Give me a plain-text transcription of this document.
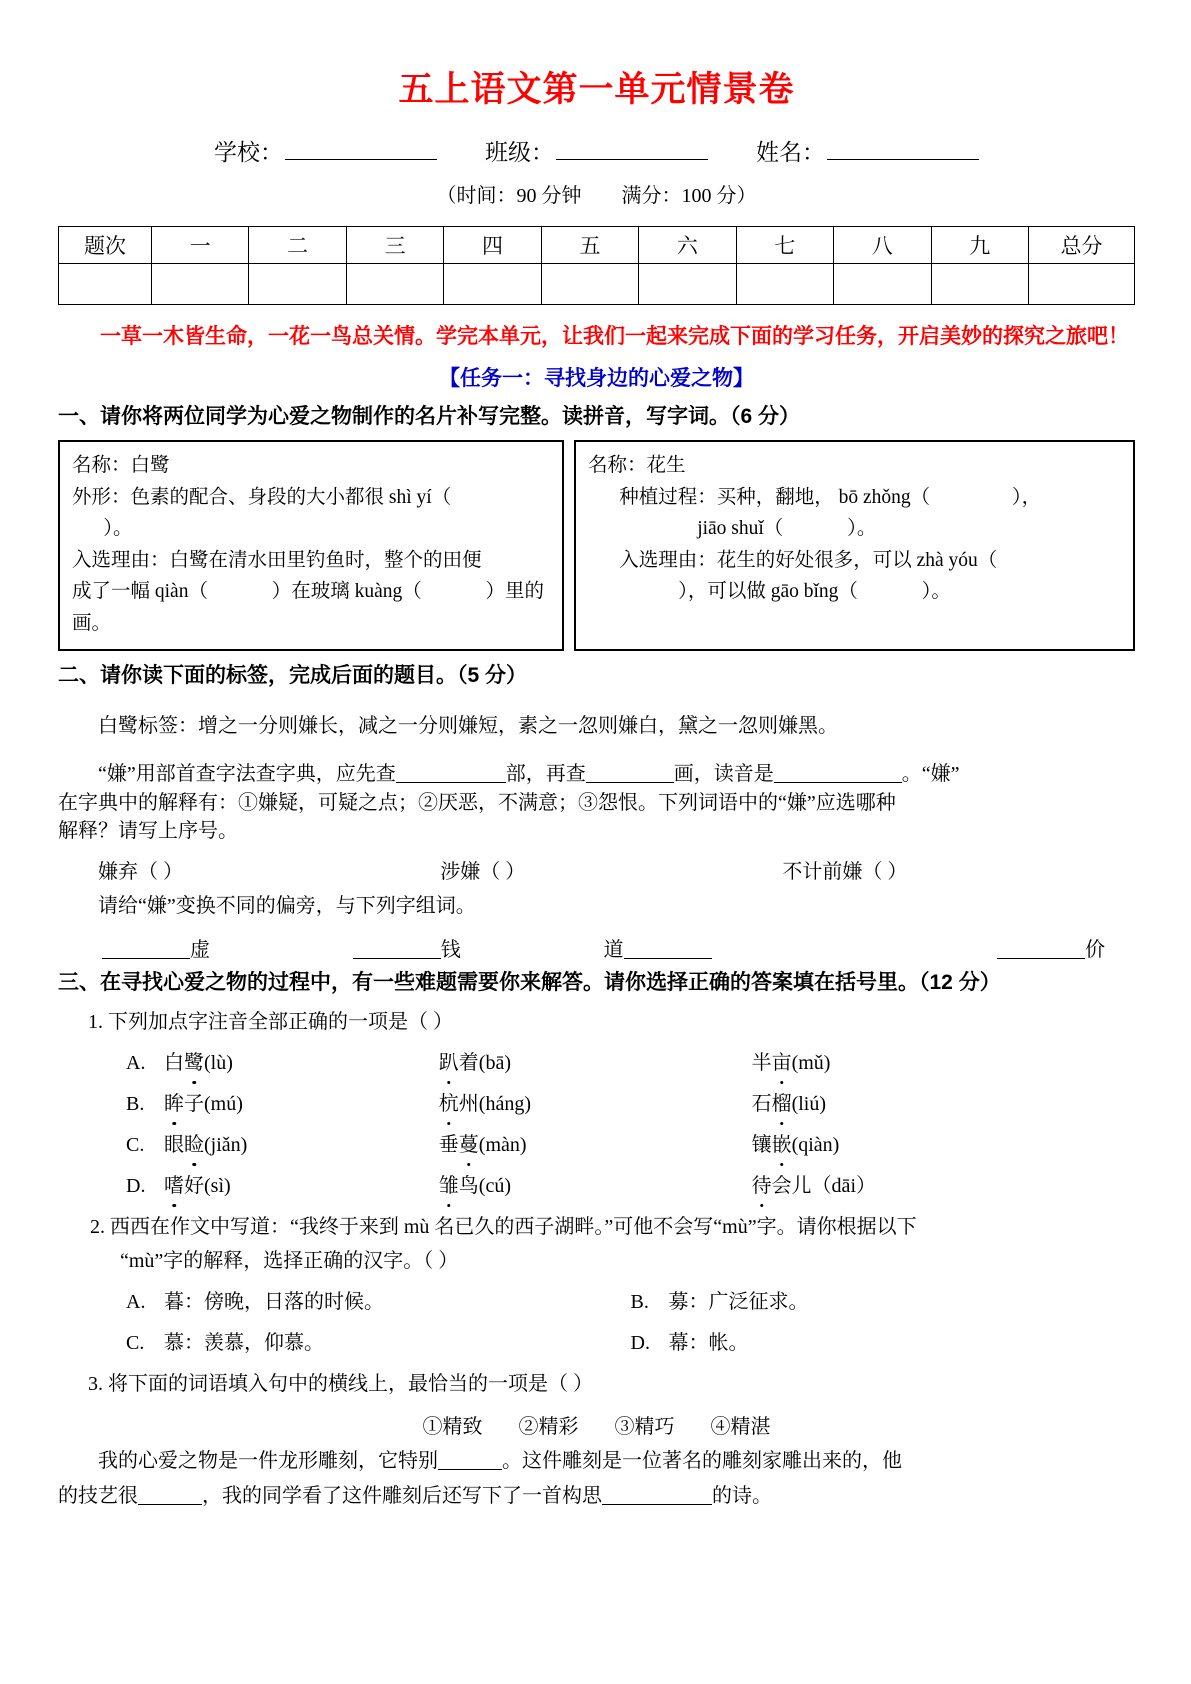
五上语文第一单元情景卷
学校：	班级：	姓名：
（时间：90 分钟 满分：100 分）
题次	一	二	三	四	五	六	七	八	九	总分

一草一木皆生命，一花一鸟总关情。学完本单元，让我们一起来完成下面的学习任务，开启美妙的探究之旅吧！
【任务一：寻找身边的心爱之物】
一、请你将两位同学为心爱之物制作的名片补写完整。读拼音，写字词。（6 分）
名称：白鹭
外形：色素的配合、身段的大小都很 shì yí（
）。
入选理由：白鹭在清水田里钓鱼时，整个的田便
成了一幅 qiàn（	）在玻璃 kuàng（	）里的画。
名称：花生
种植过程：买种，翻地， bō zhǒng（	），
jiāo shuǐ（	）。
入选理由：花生的好处很多，可以 zhà yóu（
），可以做 gāo bǐng（	）。
二、请你读下面的标签，完成后面的题目。（5 分）
白鹭标签：增之一分则嫌长，减之一分则嫌短，素之一忽则嫌白，黛之一忽则嫌黑。
“嫌”用部首查字法查字典，应先查	部，再查	画，读音是	。“嫌”
在字典中的解释有：①嫌疑，可疑之点；②厌恶，不满意；③怨恨。下列词语中的“嫌”应选哪种
解释？请写上序号。
嫌弃（ ）	涉嫌（ ）	不计前嫌（ ）
请给“嫌”变换不同的偏旁，与下列字组词。
虚	钱	道	价
三、在寻找心爱之物的过程中，有一些难题需要你来解答。请你选择正确的答案填在括号里。（12 分）
1. 下列加点字注音全部正确的一项是（ ）
A. 白鹭(lù)	趴着(bā)	半亩(mǔ)
B. 眸子(mú)	杭州(háng)	石榴(liú)
C. 眼睑(jiǎn)	垂蔓(màn)	镶嵌(qiàn)
D. 嗜好(sì)	雏鸟(cú)	待会儿（dāi）
2. 西西在作文中写道：“我终于来到 mù 名已久的西子湖畔。”可他不会写“mù”字。请你根据以下
“mù”字的解释，选择正确的汉字。（ ）
A. 暮：傍晚，日落的时候。	B. 募：广泛征求。
C. 慕：羡慕，仰慕。	D. 幕：帐。
3. 将下面的词语填入句中的横线上，最恰当的一项是（ ）
①精致 ②精彩 ③精巧 ④精湛
我的心爱之物是一件龙形雕刻，它特别	。这件雕刻是一位著名的雕刻家雕出来的，他
的技艺很	，我的同学看了这件雕刻后还写下了一首构思	的诗。
